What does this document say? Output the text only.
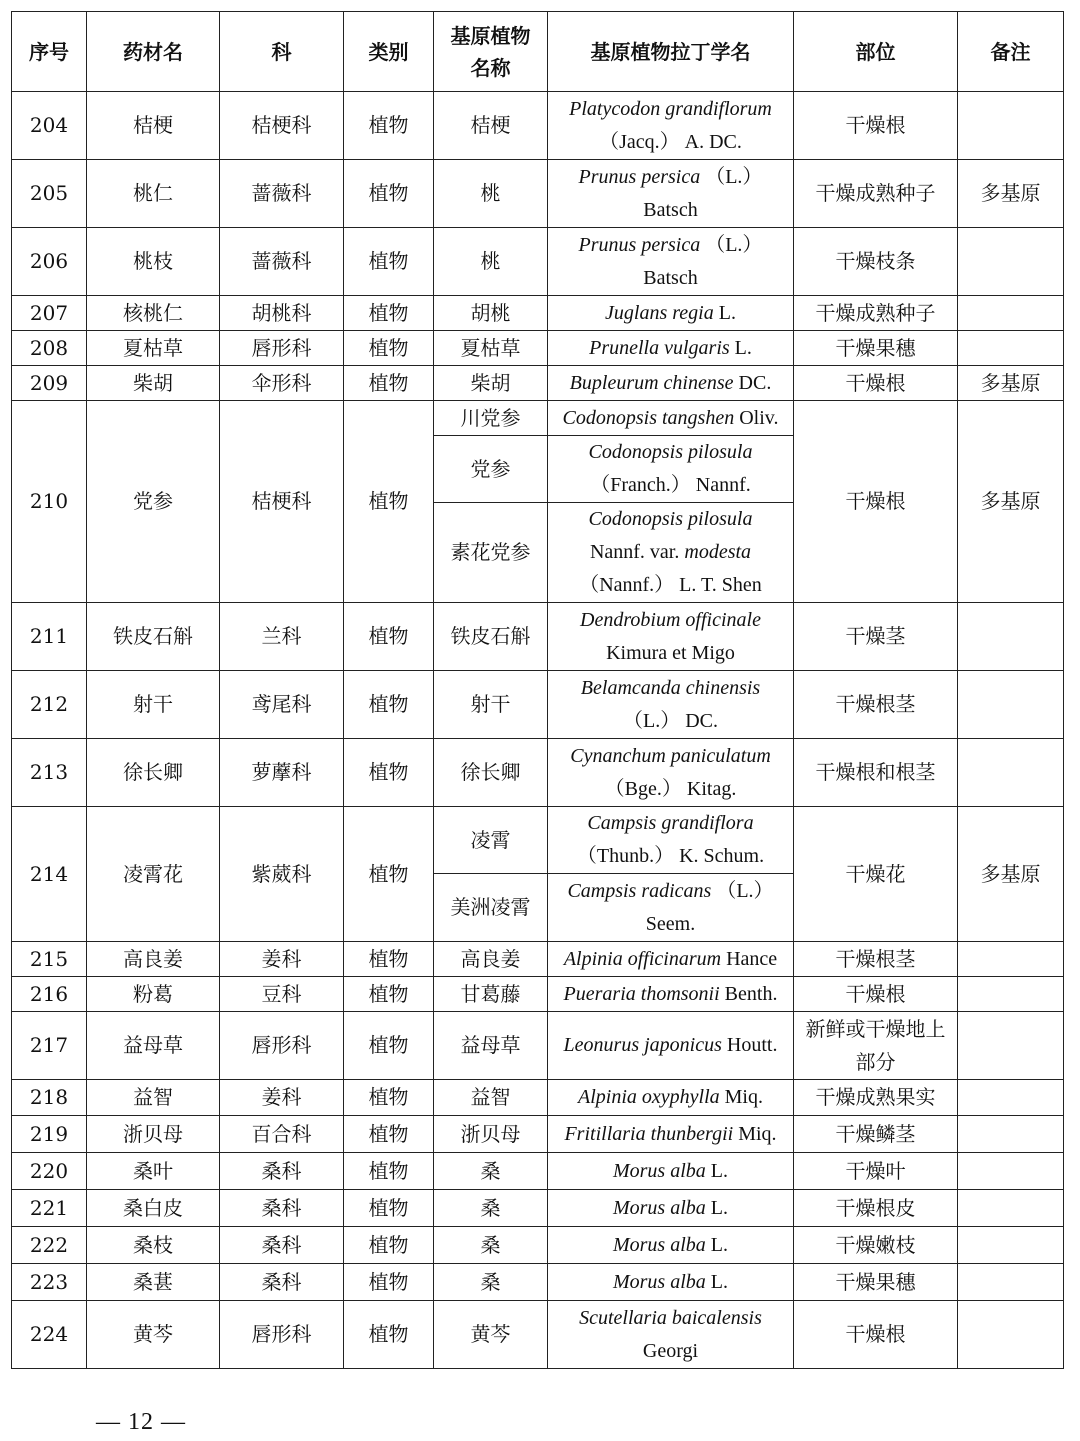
序号	药材名	科	类别	基原植物名称	基原植物拉丁学名	部位	备注
204	桔梗	桔梗科	植物	桔梗	Platycodon grandiflorum
（Jacq.） A. DC.	干燥根	
205	桃仁	蔷薇科	植物	桃	Prunus persica （L.）
Batsch	干燥成熟种子	多基原
206	桃枝	蔷薇科	植物	桃	Prunus persica （L.）
Batsch	干燥枝条	
207	核桃仁	胡桃科	植物	胡桃	Juglans regia L.	干燥成熟种子	
208	夏枯草	唇形科	植物	夏枯草	Prunella vulgaris L.	干燥果穗	
209	柴胡	伞形科	植物	柴胡	Bupleurum chinense DC.	干燥根	多基原
210	党参	桔梗科	植物	川党参	Codonopsis tangshen Oliv.	干燥根	多基原
				党参	Codonopsis pilosula
（Franch.） Nannf.		

				素花党参	Codonopsis pilosula
Nannf. var. modesta
（Nannf.） L. T. Shen		

211	铁皮石斛	兰科	植物	铁皮石斛	Dendrobium officinale
Kimura et Migo	干燥茎	
212	射干	鸢尾科	植物	射干	Belamcanda chinensis
（L.） DC.	干燥根茎	
213	徐长卿	萝藦科	植物	徐长卿	Cynanchum paniculatum
（Bge.） Kitag.	干燥根和根茎	
214	凌霄花	紫葳科	植物	凌霄	Campsis grandiflora
（Thunb.） K. Schum.	干燥花	多基原
				美洲凌霄	Campsis radicans （L.）
Seem.		

215	高良姜	姜科	植物	高良姜	Alpinia officinarum Hance	干燥根茎	
216	粉葛	豆科	植物	甘葛藤	Pueraria thomsonii Benth.	干燥根	
217	益母草	唇形科	植物	益母草	Leonurus japonicus Houtt.	新鲜或干燥地上部分	
218	益智	姜科	植物	益智	Alpinia oxyphylla Miq.	干燥成熟果实	
219	浙贝母	百合科	植物	浙贝母	Fritillaria thunbergii Miq.	干燥鳞茎	
220	桑叶	桑科	植物	桑	Morus alba L.	干燥叶	
221	桑白皮	桑科	植物	桑	Morus alba L.	干燥根皮	
222	桑枝	桑科	植物	桑	Morus alba L.	干燥嫩枝	
223	桑葚	桑科	植物	桑	Morus alba L.	干燥果穗	
224	黄芩	唇形科	植物	黄芩	Scutellaria baicalensis
Georgi	干燥根	
— 12 —
